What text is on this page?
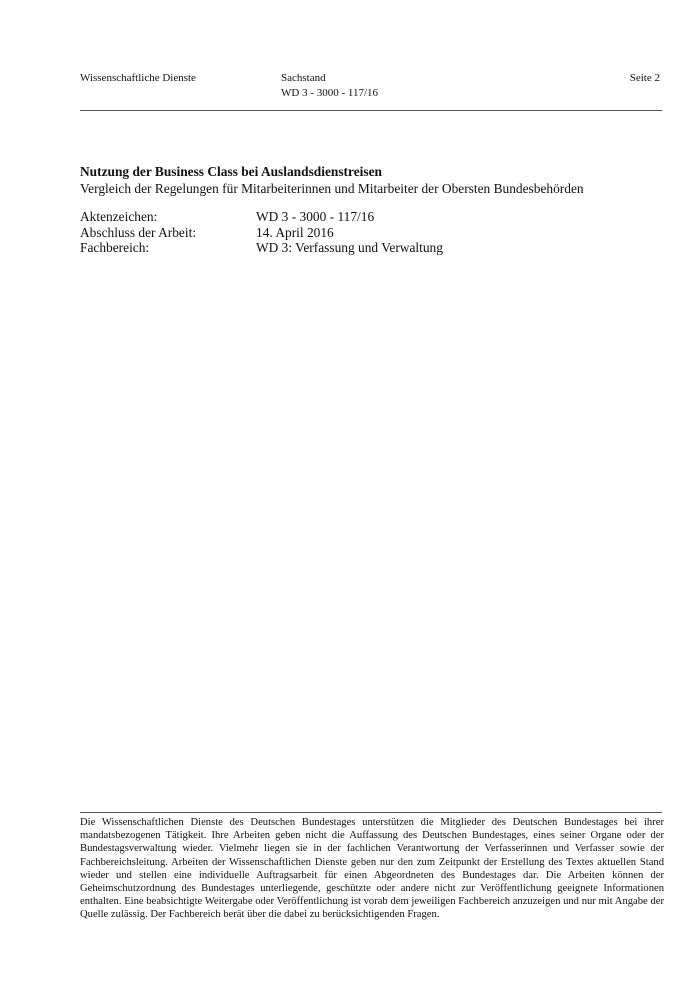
Wissenschaftliche Dienste	Sachstand
WD 3 - 3000 - 117/16
Seite 2
Nutzung der Business Class bei Auslandsdienstreisen
Vergleich der Regelungen für Mitarbeiterinnen und Mitarbeiter der Obersten Bundesbehörden
Aktenzeichen:	WD 3 - 3000 - 117/16
Abschluss der Arbeit:	14. April 2016
Fachbereich:	WD 3: Verfassung und Verwaltung
Die Wissenschaftlichen Dienste des Deutschen Bundestages unterstützen die Mitglieder des Deutschen Bundestages bei ihrer mandatsbezogenen Tätigkeit. Ihre Arbeiten geben nicht die Auffassung des Deutschen Bundestages, eines seiner Organe oder der Bundestagsverwaltung wieder. Vielmehr liegen sie in der fachlichen Verantwortung der Verfasserinnen und Verfasser sowie der Fachbereichsleitung. Arbeiten der Wissenschaftlichen Dienste geben nur den zum Zeitpunkt der Erstellung des Textes aktuellen Stand wieder und stellen eine individuelle Auftragsarbeit für einen Abgeordneten des Bundestages dar. Die Arbeiten können der Geheimschutzordnung des Bundestages unterliegende, geschützte oder andere nicht zur Veröffentlichung geeignete Informationen enthalten. Eine beabsichtigte Weitergabe oder Veröffentlichung ist vorab dem jeweiligen Fachbereich anzuzeigen und nur mit Angabe der Quelle zulässig. Der Fachbereich berät über die dabei zu berücksichtigenden Fragen.
